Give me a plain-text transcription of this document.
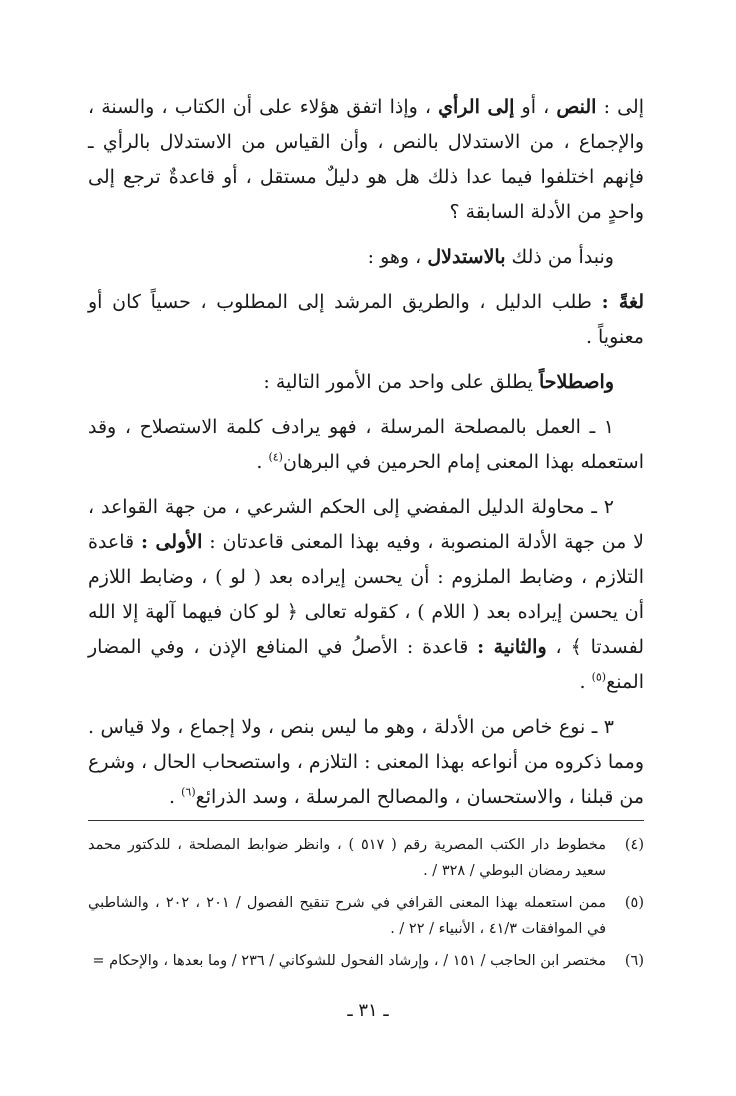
إلى : النص ، أو إلى الرأي ، وإذا اتفق هؤلاء على أن الكتاب ، والسنة ، والإجماع ، من الاستدلال بالنص ، وأن القياس من الاستدلال بالرأي ـ فإنهم اختلفوا فيما عدا ذلك هل هو دليلٌ مستقل ، أو قاعدةٌ ترجع إلى واحدٍ من الأدلة السابقة ؟

ونبدأ من ذلك بالاستدلال ، وهو :

لغةً : طلب الدليل ، والطريق المرشد إلى المطلوب ، حسياً كان أو معنوياً .

واصطلاحاً يطلق على واحد من الأمور التالية :

١ ـ العمل بالمصلحة المرسلة ، فهو يرادف كلمة الاستصلاح ، وقد استعمله بهذا المعنى إمام الحرمين في البرهان$^{(٤)}$ .

٢ ـ محاولة الدليل المفضي إلى الحكم الشرعي ، من جهة القواعد ، لا من جهة الأدلة المنصوبة ، وفيه بهذا المعنى قاعدتان : الأولى : قاعدة التلازم ، وضابط الملزوم : أن يحسن إيراده بعد ( لو ) ، وضابط اللازم أن يحسن إيراده بعد ( اللام ) ، كقوله تعالى ﴿ لو كان فيهما آلهة إلا الله لفسدتا ﴾ ، والثانية : قاعدة : الأصلُ في المنافع الإذن ، وفي المضار المنع$^{(٥)}$ .

٣ ـ نوع خاص من الأدلة ، وهو ما ليس بنص ، ولا إجماع ، ولا قياس . ومما ذكروه من أنواعه بهذا المعنى : التلازم ، واستصحاب الحال ، وشرع من قبلنا ، والاستحسان ، والمصالح المرسلة ، وسد الذرائع$^{(٦)}$ .

(٤)
مخطوط دار الكتب المصرية رقم ( ٥١٧ ) ، وانظر ضوابط المصلحة ، للدكتور محمد سعيد رمضان البوطي / ٣٢٨ / .
(٥)
ممن استعمله بهذا المعنى القرافي في شرح تنقيح الفصول / ٢٠١ ، ٢٠٢ ، والشاطبي في الموافقات ٤١/٣ ، الأنبياء / ٢٢ / .
(٦)
مختصر ابن الحاجب / ١٥١ / ، وإرشاد الفحول للشوكاني / ٢٣٦ / وما بعدها ، والإحكام =
ـ ٣١ ـ
